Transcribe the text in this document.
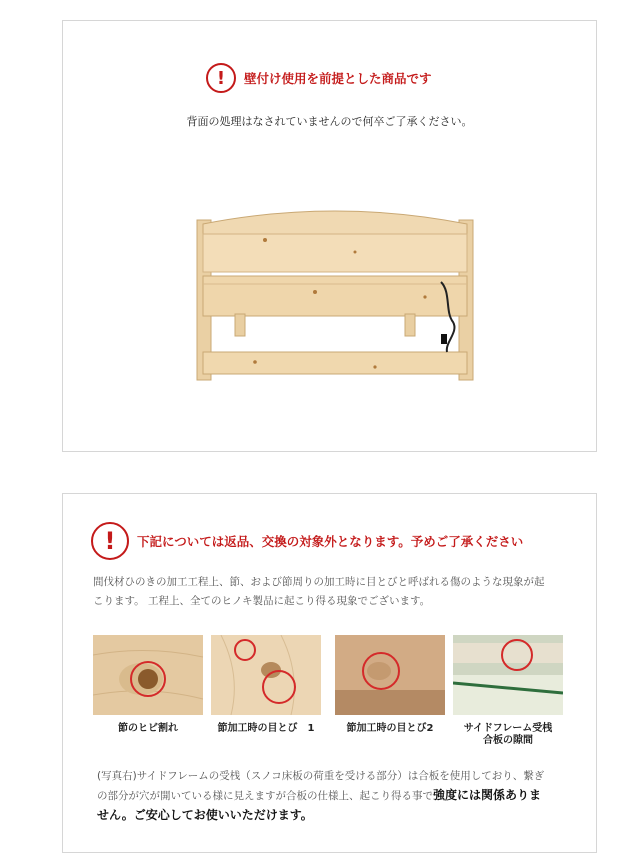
!	壁付け使用を前提とした商品です
背面の処理はなされていませんので何卒ご了承ください。
!	下記については返品、交換の対象外となります。予めご了承ください
間伐材ひのきの加工工程上、節、および節周りの加工時に目とびと呼ばれる傷のような現象が起
こります。 工程上、全てのヒノキ製品に起こり得る現象でございます。
節のヒビ割れ	節加工時の目とび　1	節加工時の目とび2	サイドフレーム受桟
合板の隙間
(写真右)サイドフレームの受桟（スノコ床板の荷重を受ける部分）は合板を使用しており、繋ぎ
の部分が穴が開いている様に見えますが合板の仕様上、起こり得る事で強度には関係ありま
せん。ご安心してお使いいただけます。
